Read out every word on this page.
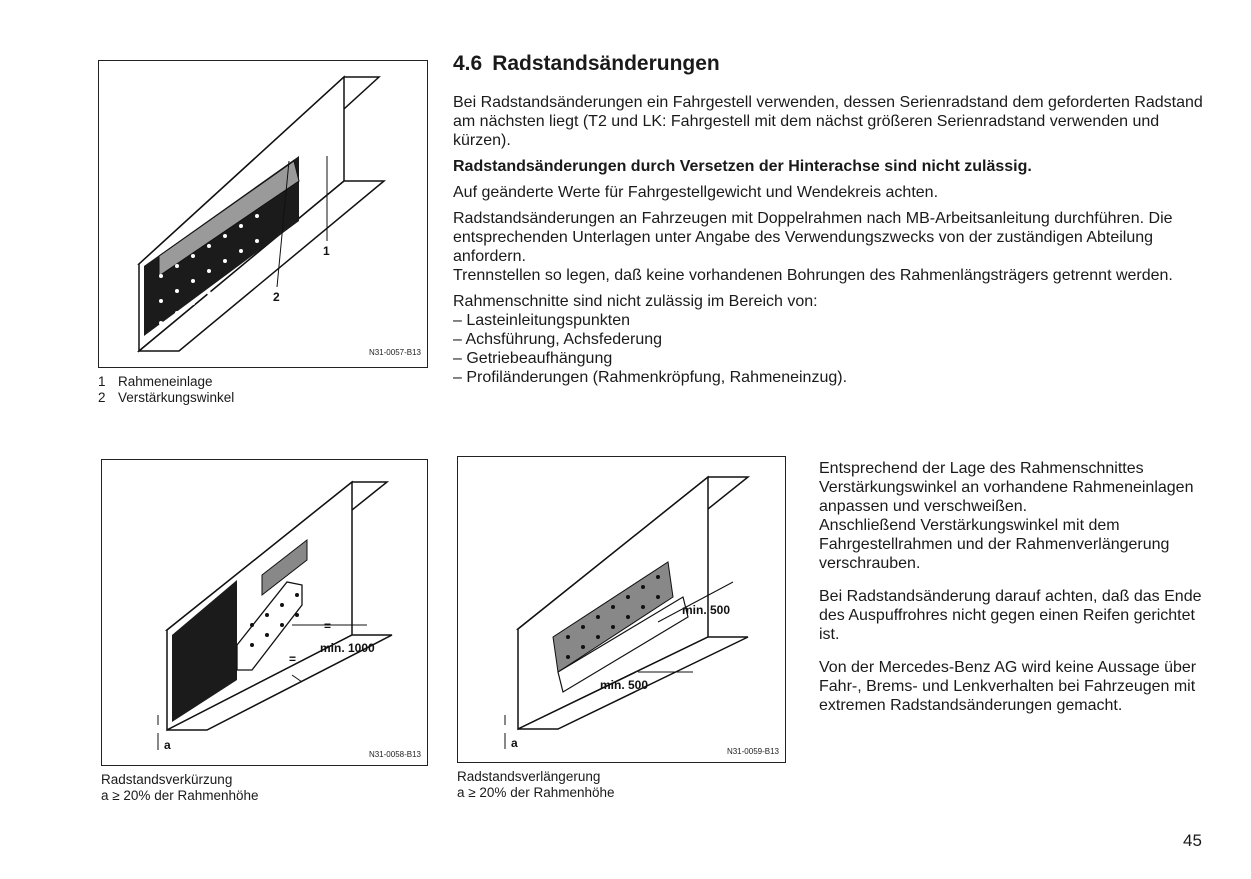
1
2
N31-0057-B13
1 Rahmeneinlage
2 Verstärkungswinkel
4.6 Radstandsänderungen

Bei Radstandsänderungen ein Fahrgestell verwenden, dessen Serienradstand dem geforderten Radstand am nächsten liegt (T2 und LK: Fahrgestell mit dem nächst größeren Serienradstand verwenden und kürzen).

Radstandsänderungen durch Versetzen der Hinterachse sind nicht zulässig.

Auf geänderte Werte für Fahrgestellgewicht und Wendekreis achten.

Radstandsänderungen an Fahrzeugen mit Doppelrahmen nach MB-Arbeitsanleitung durchführen. Die entsprechenden Unterlagen unter Angabe des Verwendungszwecks von der zuständigen Abteilung anfordern.

Trennstellen so legen, daß keine vorhandenen Bohrungen des Rahmenlängsträgers getrennt werden.

Rahmenschnitte sind nicht zulässig im Bereich von:

– Lasteinleitungspunkten
– Achsführung, Achsfederung
– Getriebeaufhängung
– Profiländerungen (Rahmenkröpfung, Rahmeneinzug).
min. 1000
=
=
a
N31-0058-B13
Radstandsverkürzung
a ≥ 20% der Rahmenhöhe
min. 500
min. 500
a
N31-0059-B13
Radstandsverlängerung
a ≥ 20% der Rahmenhöhe

Entsprechend der Lage des Rahmenschnittes Verstärkungswinkel an vorhandene Rahmeneinlagen anpassen und verschweißen.

Anschließend Verstärkungswinkel mit dem Fahrgestellrahmen und der Rahmenverlängerung verschrauben.

Bei Radstandsänderung darauf achten, daß das Ende des Auspuffrohres nicht gegen einen Reifen gerichtet ist.

Von der Mercedes-Benz AG wird keine Aussage über Fahr-, Brems- und Lenkverhalten bei Fahrzeugen mit extremen Radstandsänderungen gemacht.

45
